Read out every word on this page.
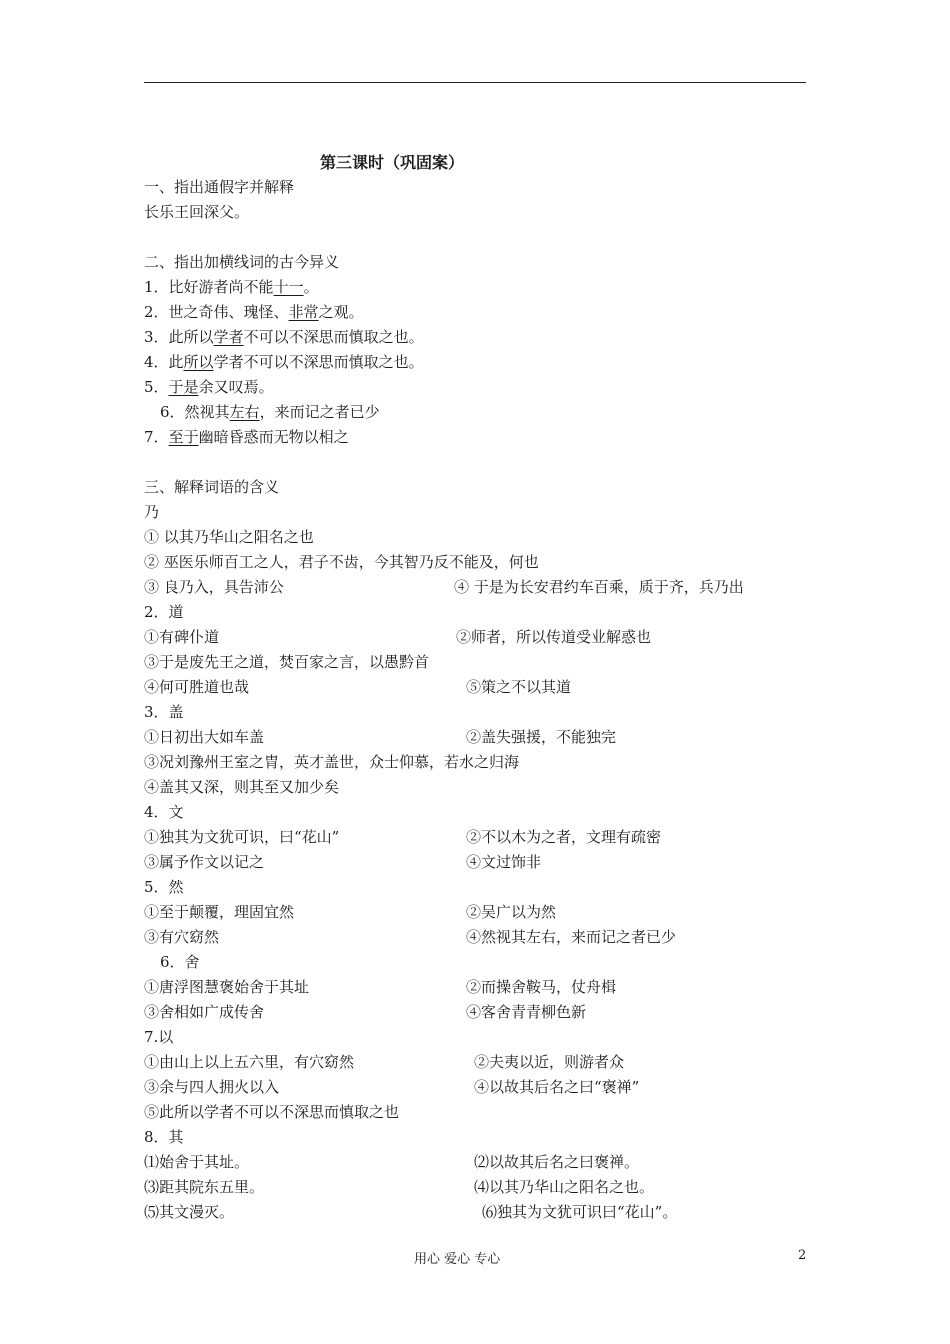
第三课时（巩固案）
一、指出通假字并解释
长乐王回深父。
二、指出加横线词的古今异义
1．比好游者尚不能十一。
2．世之奇伟、瑰怪、非常之观。
3．此所以学者不可以不深思而慎取之也。
4．此所以学者不可以不深思而慎取之也。
5．于是余又叹焉。
6．然视其左右，来而记之者已少
7．至于幽暗昏惑而无物以相之
三、解释词语的含义
乃
① 以其乃华山之阳名之也
② 巫医乐师百工之人，君子不齿，今其智乃反不能及，何也
③ 良乃入，具告沛公	④ 于是为长安君约车百乘，质于齐，兵乃出
2．道
①有碑仆道	②师者，所以传道受业解惑也
③于是废先王之道，焚百家之言，以愚黔首
④何可胜道也哉	⑤策之不以其道
3．盖
①日初出大如车盖	②盖失强援，不能独完
③况刘豫州王室之胄，英才盖世，众士仰慕，若水之归海
④盖其又深，则其至又加少矣
4．文
①独其为文犹可识，曰“花山”	②不以木为之者，文理有疏密
③属予作文以记之	④文过饰非
5．然
①至于颠覆，理固宜然	②吴广以为然
③有穴窈然	④然视其左右，来而记之者已少
6．舍
①唐浮图慧褒始舍于其址	②而操舍鞍马，仗舟楫
③舍相如广成传舍	④客舍青青柳色新
7.以
①由山上以上五六里，有穴窈然	②夫夷以近，则游者众
③余与四人拥火以入	④以故其后名之曰“褒禅”
⑤此所以学者不可以不深思而慎取之也
8．其
⑴始舍于其址。	⑵以故其后名之曰褒禅。
⑶距其院东五里。	⑷以其乃华山之阳名之也。
⑸其文漫灭。	⑹独其为文犹可识曰“花山”。
用心 爱心 专心	2
